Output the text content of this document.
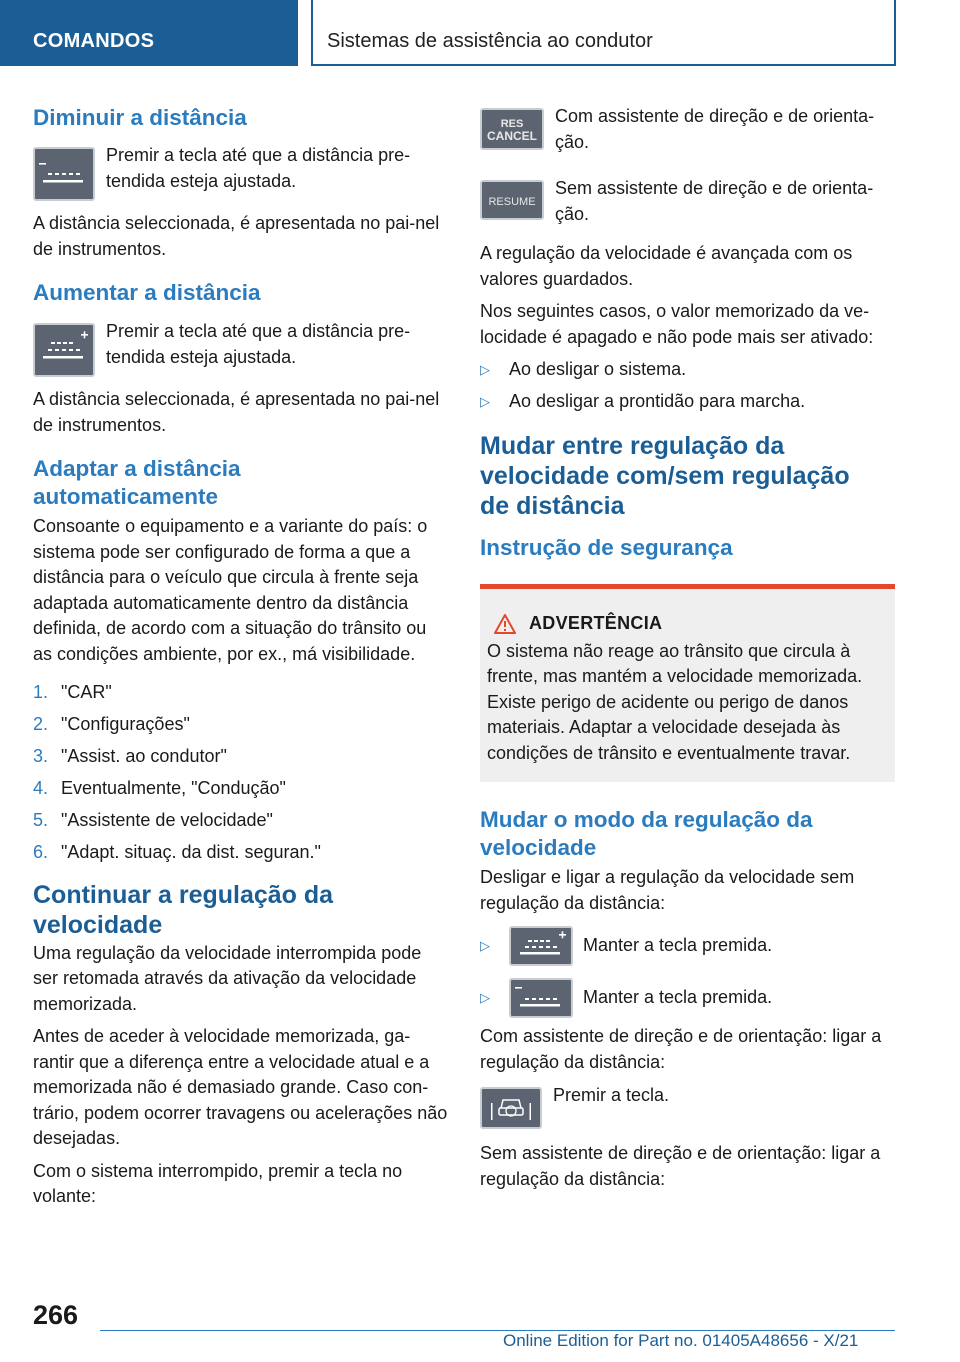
COMANDOS	Sistemas de assistência ao condutor
Diminuir a distância
Premir a tecla até que a distância pre-tendida esteja ajustada.
A distância seleccionada, é apresentada no pai-nel de instrumentos.
Aumentar a distância
Premir a tecla até que a distância pre-tendida esteja ajustada.
A distância seleccionada, é apresentada no pai-nel de instrumentos.
Adaptar a distância automaticamente
Consoante o equipamento e a variante do país: o sistema pode ser configurado de forma a que a distância para o veículo que circula à frente seja adaptada automaticamente dentro da distância definida, de acordo com a situação do trânsito ou as condições ambiente, por ex., má visibilidade.
1. "CAR"
2. "Configurações"
3. "Assist. ao condutor"
4. Eventualmente, "Condução"
5. "Assistente de velocidade"
6. "Adapt. situaç. da dist. seguran."
Continuar a regulação da velocidade
Uma regulação da velocidade interrompida pode ser retomada através da ativação da velocidade memorizada.
Antes de aceder à velocidade memorizada, ga-rantir que a diferença entre a velocidade atual e a memorizada não é demasiado grande. Caso con-trário, podem ocorrer travagens ou acelerações não desejadas.
Com o sistema interrompido, premir a tecla no volante:
RES
CANCEL
Com assistente de direção e de orienta-ção.
RESUME
Sem assistente de direção e de orienta-ção.
A regulação da velocidade é avançada com os valores guardados.
Nos seguintes casos, o valor memorizado da ve-locidade é apagado e não pode mais ser ativado:
▷	Ao desligar o sistema.
▷	Ao desligar a prontidão para marcha.
Mudar entre regulação da velocidade com/sem regulação de distância
Instrução de segurança
ADVERTÊNCIA
O sistema não reage ao trânsito que circula à frente, mas mantém a velocidade memorizada. Existe perigo de acidente ou perigo de danos materiais. Adaptar a velocidade desejada às condições de trânsito e eventualmente travar.
Mudar o modo da regulação da velocidade
Desligar e ligar a regulação da velocidade sem regulação da distância:
▷	Manter a tecla premida.
▷	Manter a tecla premida.
Com assistente de direção e de orientação: ligar a regulação da distância:
Premir a tecla.
Sem assistente de direção e de orientação: ligar a regulação da distância:
266
Online Edition for Part no. 01405A48656 - X/21
